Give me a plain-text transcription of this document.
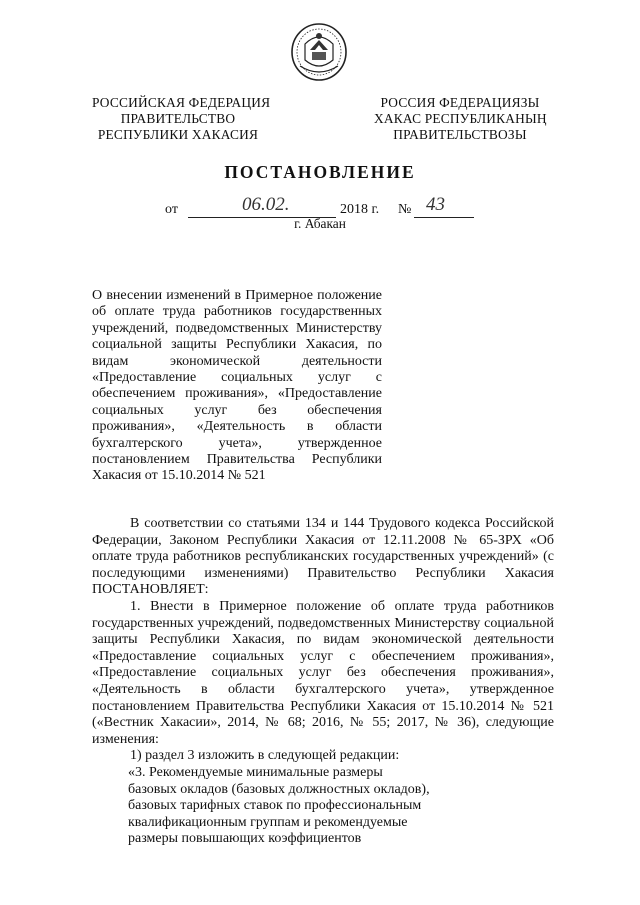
РОССИЙСКАЯ ФЕДЕРАЦИЯ
ПРАВИТЕЛЬСТВО
РЕСПУБЛИКИ ХАКАСИЯ
РОССИЯ ФЕДЕРАЦИЯЗЫ
ХАКАС РЕСПУБЛИКАНЫҢ
ПРАВИТЕЛЬСТВОЗЫ
ПОСТАНОВЛЕНИЕ
от	06.02.	2018 г. № 43
г. Абакан

О внесении изменений в Примерное положение об оплате труда работников государственных учреждений, подведомственных Министерству социальной защиты Республики Хакасия, по видам экономической деятельности «Предоставление социальных услуг с обеспечением проживания», «Предоставление социальных услуг без обеспечения проживания», «Деятельность в области бухгалтерского учета», утвержденное постановлением Правительства Республики Хакасия от 15.10.2014 № 521

В соответствии со статьями 134 и 144 Трудового кодекса Российской Федерации, Законом Республики Хакасия от 12.11.2008 № 65-ЗРХ «Об оплате труда работников республиканских государственных учреждений» (с последующими изменениями) Правительство Республики Хакасия ПОСТАНОВЛЯЕТ:

1. Внести в Примерное положение об оплате труда работников государственных учреждений, подведомственных Министерству социальной защиты Республики Хакасия, по видам экономической деятельности «Предоставление социальных услуг с обеспечением проживания», «Предоставление социальных услуг без обеспечения проживания», «Деятельность в области бухгалтерского учета», утвержденное постановлением Правительства Республики Хакасия от 15.10.2014 № 521 («Вестник Хакасии», 2014, № 68; 2016, № 55; 2017, № 36), следующие изменения:

1) раздел 3 изложить в следующей редакции:

«3. Рекомендуемые минимальные размеры

базовых окладов (базовых должностных окладов),

базовых тарифных ставок по профессиональным

квалификационным группам и рекомендуемые

размеры повышающих коэффициентов
